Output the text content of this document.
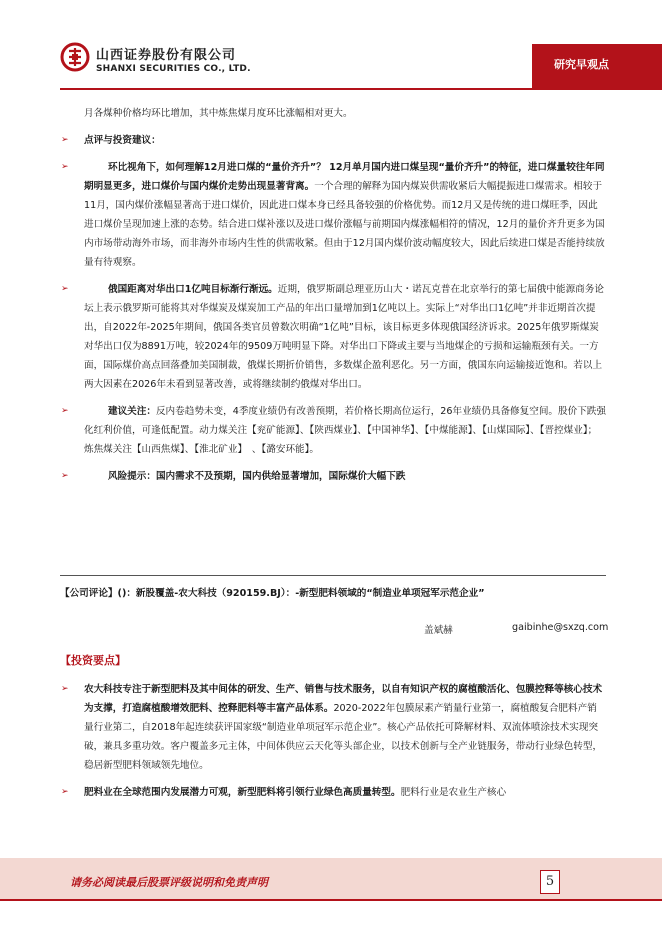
山西证券股份有限公司
SHANXI SECURITIES CO., LTD.	研究早观点

月各煤种价格均环比增加，其中炼焦煤月度环比涨幅相对更大。

➢ 点评与投资建议：

➢	环比视角下，如何理解12月进口煤的“量价齐升”？ 12月单月国内进口煤呈现“量价齐升”的特征，进口煤量较往年同期明显更多，进口煤价与国内煤价走势出现显著背离。一个合理的解释为国内煤炭供需收紧后大幅提振进口煤需求。相较于11月，国内煤价涨幅显著高于进口煤价，因此进口煤本身已经具备较强的价格优势。而12月又是传统的进口煤旺季，因此进口煤价呈现加速上涨的态势。结合进口煤补涨以及进口煤价涨幅与前期国内煤涨幅相符的情况，12月的量价齐升更多为国内市场带动海外市场，而非海外市场内生性的供需收紧。但由于12月国内煤价波动幅度较大，因此后续进口煤是否能持续放量有待观察。

➢	俄国距离对华出口1亿吨目标渐行渐远。近期，俄罗斯副总理亚历山大・诺瓦克普在北京举行的第七届俄中能源商务论坛上表示俄罗斯可能将其对华煤炭及煤炭加工产品的年出口量增加到1亿吨以上。实际上“对华出口1亿吨”并非近期首次提出，自2022年-2025年期间，俄国各类官员曾数次明确“1亿吨”目标，该目标更多体现俄国经济诉求。2025年俄罗斯煤炭对华出口仅为8891万吨，较2024年的9509万吨明显下降。对华出口下降或主要与当地煤企的亏损和运输瓶颈有关。一方面，国际煤价高点回落叠加美国制裁，俄煤长期折价销售，多数煤企盈利恶化。另一方面，俄国东向运输接近饱和。若以上两大因素在2026年未看到显著改善，或将继续制约俄煤对华出口。

➢	建议关注：反内卷趋势未变，4季度业绩仍有改善预期，若价格长期高位运行，26年业绩仍具备修复空间。股价下跌强化红利价值，可逢低配置。动力煤关注【兖矿能源】、【陕西煤业】、【中国神华】、【中煤能源】、【山煤国际】、【晋控煤业】；炼焦煤关注【山西焦煤】、【淮北矿业】　、【潞安环能】。

➢	风险提示：国内需求不及预期，国内供给显著增加，国际煤价大幅下跌

【公司评论】()：新股覆盖-农大科技（920159.BJ）：-新型肥料领域的“制造业单项冠军示范企业”
盖斌赫	gaibinhe@sxzq.com
【投资要点】

➢ 农大科技专注于新型肥料及其中间体的研发、生产、销售与技术服务，以自有知识产权的腐植酸活化、包膜控释等核心技术为支撑，打造腐植酸增效肥料、控释肥料等丰富产品体系。2020-2022年包膜尿素产销量行业第一，腐植酸复合肥料产销量行业第二，自2018年起连续获评国家级“制造业单项冠军示范企业”。核心产品依托可降解材料、双流体喷涂技术实现突破，兼具多重功效。客户覆盖多元主体，中间体供应云天化等头部企业，以技术创新与全产业链服务，带动行业绿色转型，稳居新型肥料领域领先地位。

➢ 肥料业在全球范围内发展潜力可观，新型肥料将引领行业绿色高质量转型。肥料行业是农业生产核心

请务必阅读最后股票评级说明和免责声明	5
